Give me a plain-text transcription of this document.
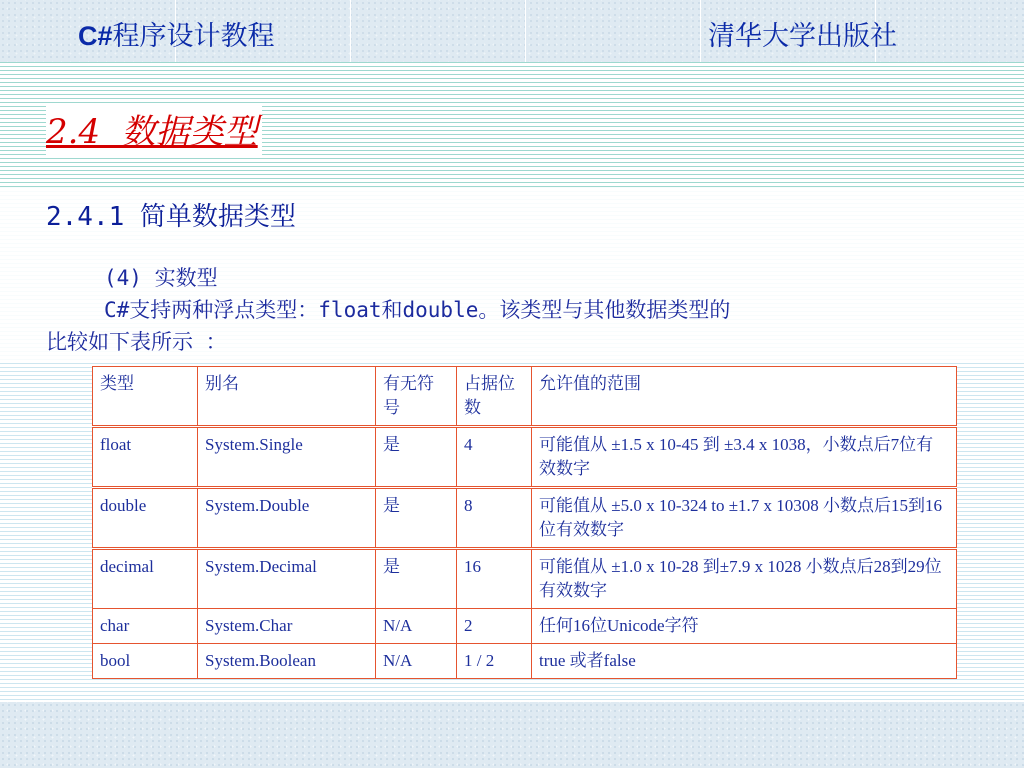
C#程序设计教程	清华大学出版社
2.4  数据类型
2.4.1 简单数据类型
(4) 实数型
C#支持两种浮点类型：float和double。该类型与其他数据类型的
比较如下表所示 ：
类型	别名	有无符号	占据位数	允许值的范围
float	System.Single	是	4	可能值从 ±1.5 x 10-45 到 ±3.4 x 1038，小数点后7位有效数字
double	System.Double	是	8	可能值从 ±5.0 x 10-324 to ±1.7 x 10308 小数点后15到16位有效数字
decimal	System.Decimal	是	16	可能值从 ±1.0 x 10-28 到±7.9 x 1028 小数点后28到29位有效数字
char	System.Char	N/A	2	任何16位Unicode字符
bool	System.Boolean	N/A	1 / 2	true 或者false
